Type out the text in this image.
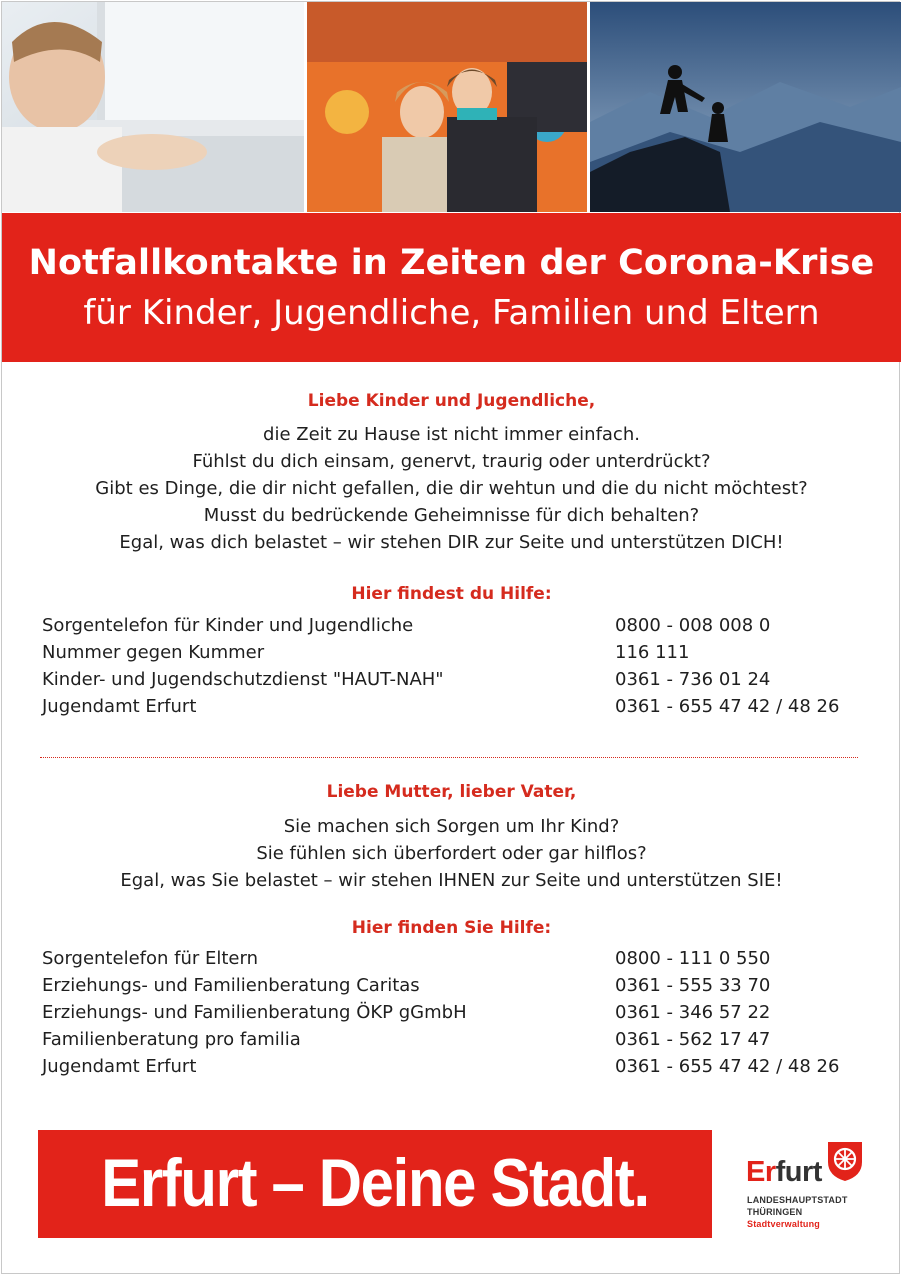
Notfallkontakte in Zeiten der Corona-Krise
für Kinder, Jugendliche, Familien und Eltern
Liebe Kinder und Jugendliche,
die Zeit zu Hause ist nicht immer einfach.
Fühlst du dich einsam, genervt, traurig oder unterdrückt?
Gibt es Dinge, die dir nicht gefallen, die dir wehtun und die du nicht möchtest?
Musst du bedrückende Geheimnisse für dich behalten?
Egal, was dich belastet – wir stehen DIR zur Seite und unterstützen DICH!
Hier findest du Hilfe:
Sorgentelefon für Kinder und Jugendliche	0800 - 008 008 0
Nummer gegen Kummer	116 111
Kinder- und Jugendschutzdienst "HAUT-NAH"	0361 - 736 01 24
Jugendamt Erfurt	0361 - 655 47 42 / 48 26
Liebe Mutter, lieber Vater,
Sie machen sich Sorgen um Ihr Kind?
Sie fühlen sich überfordert oder gar hilflos?
Egal, was Sie belastet – wir stehen IHNEN zur Seite und unterstützen SIE!
Hier finden Sie Hilfe:
Sorgentelefon für Eltern	0800 - 111 0 550
Erziehungs- und Familienberatung Caritas	0361 - 555 33 70
Erziehungs- und Familienberatung ÖKP gGmbH	0361 - 346 57 22
Familienberatung pro familia	0361 - 562 17 47
Jugendamt Erfurt	0361 - 655 47 42 / 48 26
Erfurt – Deine Stadt.	Erfurt
LANDESHAUPTSTADT
THÜRINGEN
Stadtverwaltung
